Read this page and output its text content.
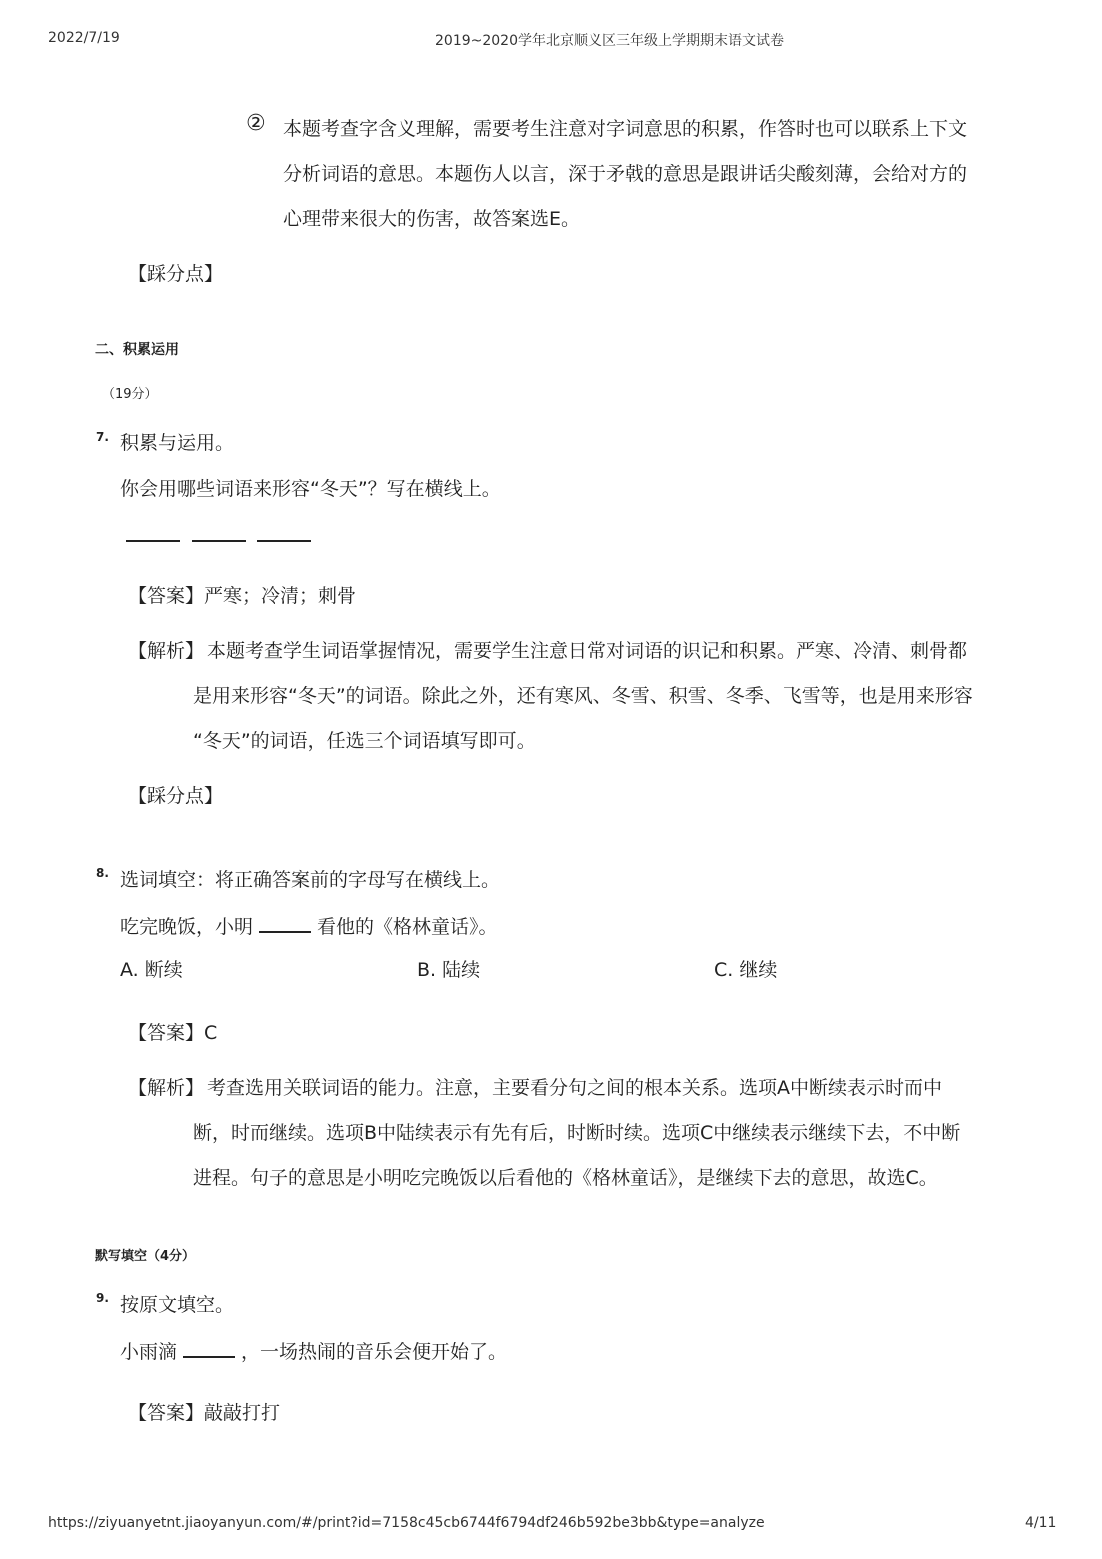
2022/7/19	2019~2020学年北京顺义区三年级上学期期末语文试卷
② 本题考查字含义理解，需要考生注意对字词意思的积累，作答时也可以联系上下文
分析词语的意思。本题伤人以言，深于矛戟的意思是跟讲话尖酸刻薄，会给对方的
心理带来很大的伤害，故答案选E。
【踩分点】
二、积累运用
（19分）
7. 积累与运用。
你会用哪些词语来形容“冬天”？写在横线上。
【答案】严寒；冷清；刺骨
【解析】 本题考查学生词语掌握情况，需要学生注意日常对词语的识记和积累。严寒、冷清、刺骨都
是用来形容“冬天”的词语。除此之外，还有寒风、冬雪、积雪、冬季、飞雪等，也是用来形容
“冬天”的词语，任选三个词语填写即可。
【踩分点】
8. 选词填空：将正确答案前的字母写在横线上。
吃完晚饭，小明	看他的《格林童话》。
A. 断续	B. 陆续	C. 继续
【答案】C
【解析】 考查选用关联词语的能力。注意，主要看分句之间的根本关系。选项A中断续表示时而中
断，时而继续。选项B中陆续表示有先有后，时断时续。选项C中继续表示继续下去，不中断
进程。句子的意思是小明吃完晚饭以后看他的《格林童话》，是继续下去的意思，故选C。
默写填空（4分）
9. 按原文填空。
小雨滴	，一场热闹的音乐会便开始了。
【答案】敲敲打打
https://ziyuanyetnt.jiaoyanyun.com/#/print?id=7158c45cb6744f6794df246b592be3bb&type=analyze	4/11
